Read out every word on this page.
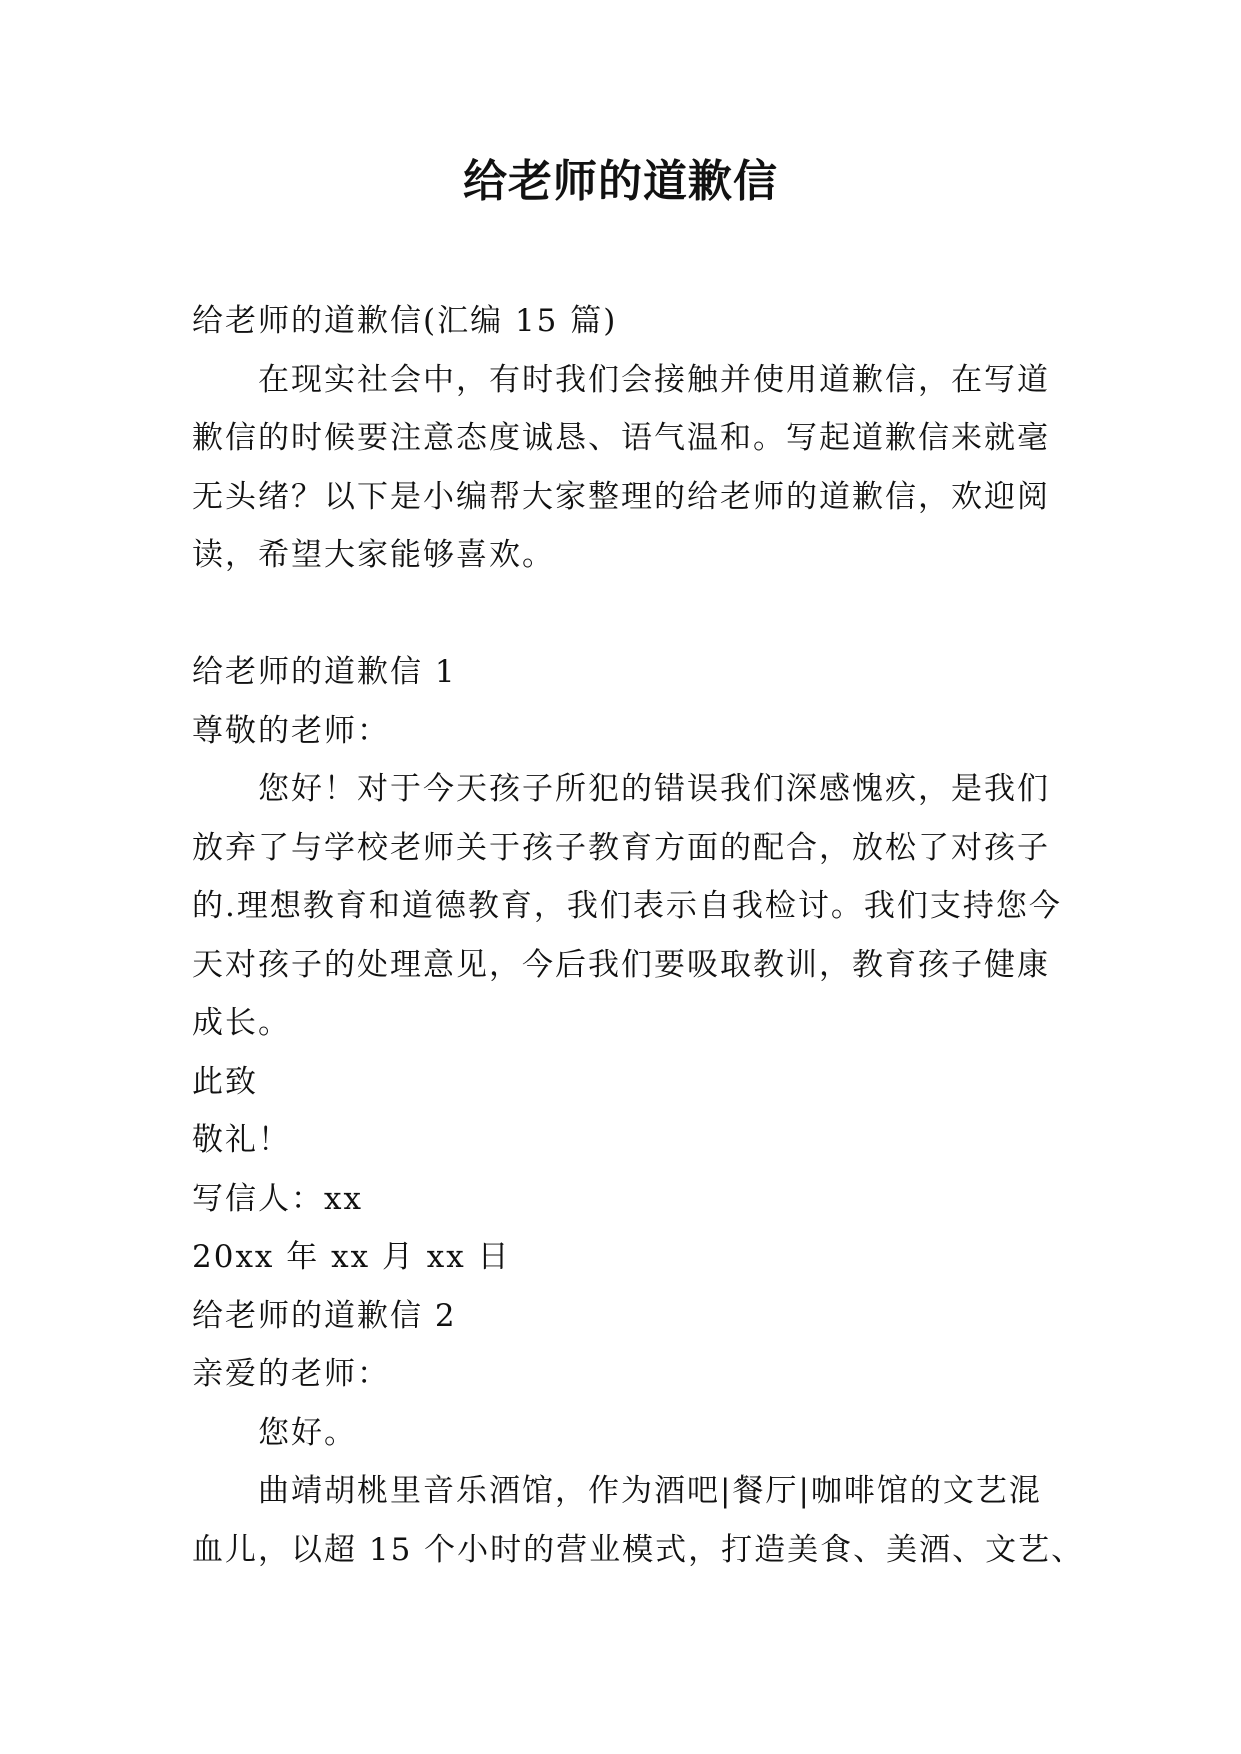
给老师的道歉信

给老师的道歉信(汇编 15 篇)

在现实社会中，有时我们会接触并使用道歉信，在写道歉信的时候要注意态度诚恳、语气温和。写起道歉信来就毫无头绪？以下是小编帮大家整理的给老师的道歉信，欢迎阅读，希望大家能够喜欢。

给老师的道歉信 1

尊敬的老师：

您好！对于今天孩子所犯的错误我们深感愧疚，是我们放弃了与学校老师关于孩子教育方面的配合，放松了对孩子的.理想教育和道德教育，我们表示自我检讨。我们支持您今天对孩子的处理意见，今后我们要吸取教训，教育孩子健康成长。

此致

敬礼！

写信人：xx

20xx 年 xx 月 xx 日

给老师的道歉信 2

亲爱的老师：

您好。

曲靖胡桃里音乐酒馆，作为酒吧|餐厅|咖啡馆的文艺混

血儿，以超 15 个小时的营业模式，打造美食、美酒、文艺、
